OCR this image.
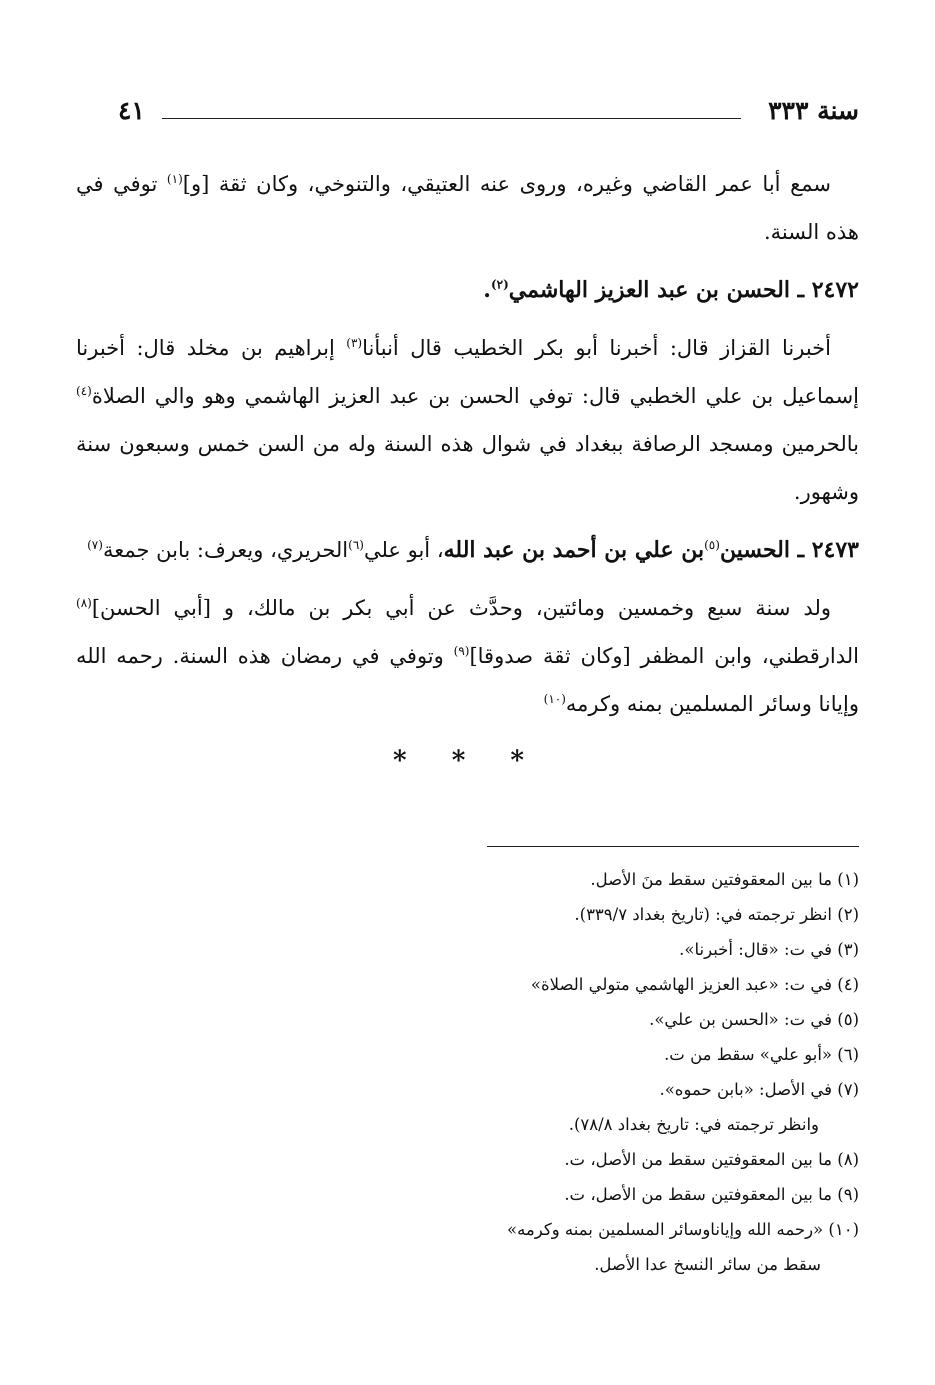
سنة ٣٣٣
٤١

سمع أبا عمر القاضي وغيره، وروى عنه العتيقي، والتنوخي، وكان ثقة [و]$^{(١)}$ توفي في هذه السنة.

٢٤٧٢ ـ الحسن بن عبد العزيز الهاشمي$^{(٢)}$.

أخبرنا القزاز قال: أخبرنا أبو بكر الخطيب قال أنبأنا$^{(٣)}$ إبراهيم بن مخلد قال: أخبرنا إسماعيل بن علي الخطبي قال: توفي الحسن بن عبد العزيز الهاشمي وهو والي الصلاة$^{(٤)}$ بالحرمين ومسجد الرصافة ببغداد في شوال هذه السنة وله من السن خمس وسبعون سنة وشهور.

٢٤٧٣ ـ الحسين$^{(٥)}$بن علي بن أحمد بن عبد الله، أبو علي$^{(٦)}$الحريري، ويعرف: بابن جمعة$^{(٧)}$

ولد سنة سبع وخمسين ومائتين، وحدَّث عن أبي بكر بن مالك، و [أبي الحسن]$^{(٨)}$ الدارقطني، وابن المظفر [وكان ثقة صدوقا]$^{(٩)}$ وتوفي في رمضان هذه السنة. رحمه الله وإيانا وسائر المسلمين بمنه وكرمه$^{(١٠)}$

* * *

(١) ما بين المعقوفتين سقط منَ الأصل.

(٢) انظر ترجمته في: (تاريخ بغداد ٣٣٩/٧).

(٣) في ت: «قال: أخبرنا».

(٤) في ت: «عبد العزيز الهاشمي متولي الصلاة»

(٥) في ت: «الحسن بن علي».

(٦) «أبو علي» سقط من ت.

(٧) في الأصل: «بابن حموه».

وانظر ترجمته في: تاريخ بغداد ٧٨/٨).

(٨) ما بين المعقوفتين سقط من الأصل، ت.

(٩) ما بين المعقوفتين سقط من الأصل، ت.

(١٠) «رحمه الله وإياناوسائر المسلمين بمنه وكرمه»

سقط من سائر النسخ عدا الأصل.
